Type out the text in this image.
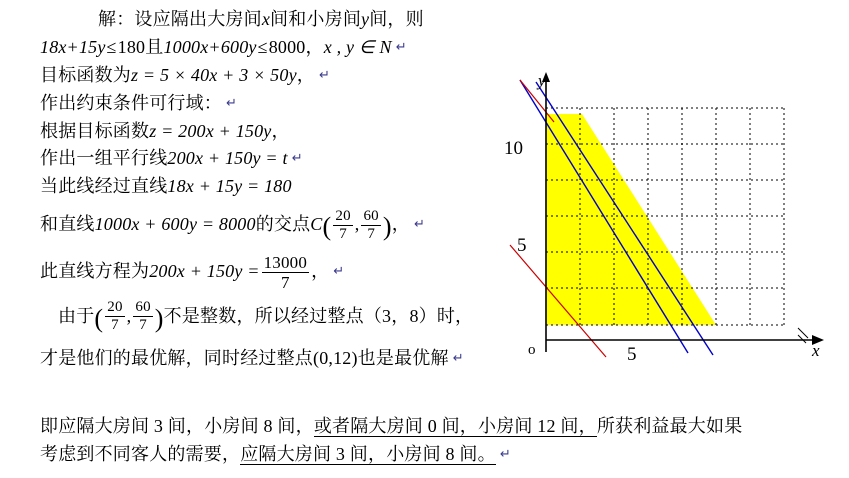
解：设应隔出大房间x间和小房间y间，则
18x+15y≤180且1000x+600y≤8000，x , y ∈ N ↵
目标函数为z = 5 × 40x + 3 × 50y， ↵
作出约束条件可行域： ↵
根据目标函数z = 200x + 150y，
作出一组平行线200x + 150y = t ↵
当此线经过直线18x + 15y = 180
和直线1000x + 600y = 8000的交点$C( \frac{20}{7}$ , $\frac{60}{7}$ )， ↵
此直线方程为$200x + 150y = \frac{13000}{7}$ ， ↵
由于( $\frac{20}{7}$ , $\frac{60}{7}$ )不是整数，所以经过整点（3，8）时，
才是他们的最优解，同时经过整点(0,12)也是最优解 ↵
即应隔大房间 3 间，小房间 8 间，或者隔大房间 0 间，小房间 12 间，所获利益最大如果
考虑到不同客人的需要，应隔大房间 3 间，小房间 8 间。 ↵
y
x
o
10
5
5
